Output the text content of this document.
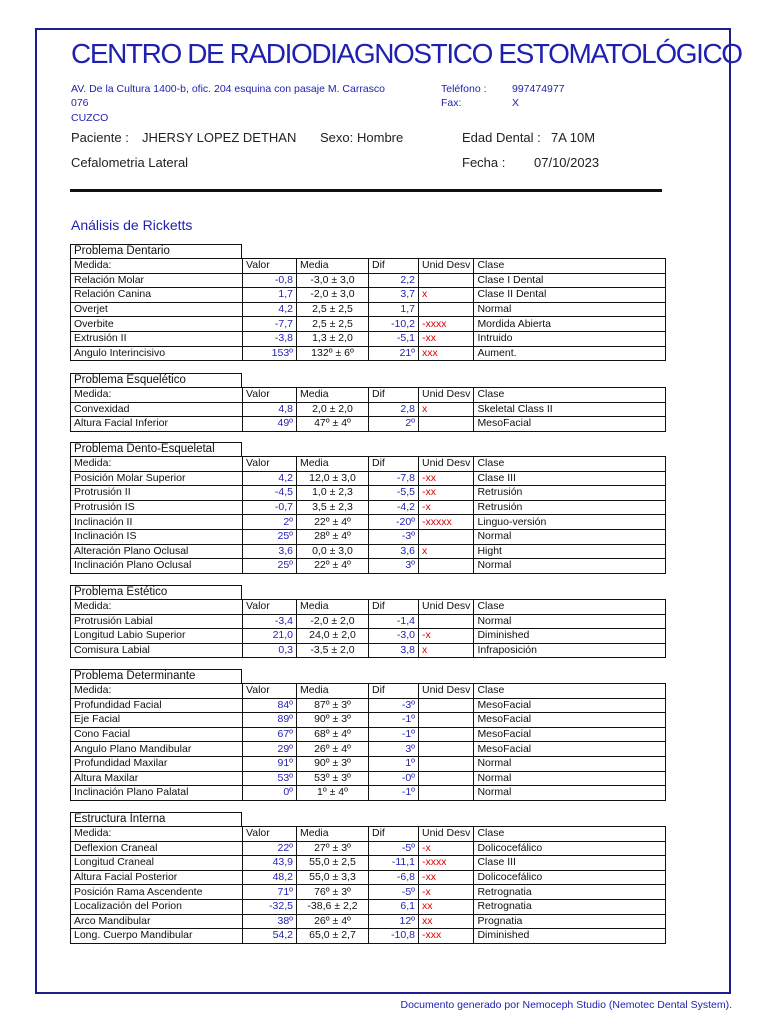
CENTRO DE RADIODIAGNOSTICO ESTOMATOLÓGICO
AV. De la Cultura 1400-b, ofic. 204 esquina con pasaje M. Carrasco
076
CUZCO
Teléfono : 997474977
Fax:	X
Paciente : JHERSY LOPEZ DETHAN Sexo: Hombre	Edad Dental : 7A 10M
Cefalometria Lateral	Fecha : 07/10/2023
Análisis de Ricketts
Problema Dentario
Medida:	Valor	Media	Dif	Unid Desv	Clase
Relación Molar	-0,8	-3,0 ± 3,0	2,2		Clase I Dental
Relación Canina	1,7	-2,0 ± 3,0	3,7	x	Clase II Dental
Overjet	4,2	2,5 ± 2,5	1,7		Normal
Overbite	-7,7	2,5 ± 2,5	-10,2	-xxxx	Mordida Abierta
Extrusión II	-3,8	1,3 ± 2,0	-5,1	-xx	Intruido
Angulo Interincisivo	153º	132º ± 6º	21º	xxx	Aument.
Problema Esquelético
Medida:	Valor	Media	Dif	Unid Desv	Clase
Convexidad	4,8	2,0 ± 2,0	2,8	x	Skeletal Class II
Altura Facial Inferior	49º	47º ± 4º	2º		MesoFacial
Problema Dento-Esqueletal
Medida:	Valor	Media	Dif	Unid Desv	Clase
Posición Molar Superior	4,2	12,0 ± 3,0	-7,8	-xx	Clase III
Protrusión II	-4,5	1,0 ± 2,3	-5,5	-xx	Retrusión
Protrusión IS	-0,7	3,5 ± 2,3	-4,2	-x	Retrusión
Inclinación II	2º	22º ± 4º	-20º	-xxxxx	Linguo-versión
Inclinación IS	25º	28º ± 4º	-3º		Normal
Alteración Plano Oclusal	3,6	0,0 ± 3,0	3,6	x	Hight
Inclinación Plano Oclusal	25º	22º ± 4º	3º		Normal
Problema Estético
Medida:	Valor	Media	Dif	Unid Desv	Clase
Protrusión Labial	-3,4	-2,0 ± 2,0	-1,4		Normal
Longitud Labio Superior	21,0	24,0 ± 2,0	-3,0	-x	Diminished
Comisura Labial	0,3	-3,5 ± 2,0	3,8	x	Infraposición
Problema Determinante
Medida:	Valor	Media	Dif	Unid Desv	Clase
Profundidad Facial	84º	87º ± 3º	-3º		MesoFacial
Eje Facial	89º	90º ± 3º	-1º		MesoFacial
Cono Facial	67º	68º ± 4º	-1º		MesoFacial
Angulo Plano Mandibular	29º	26º ± 4º	3º		MesoFacial
Profundidad Maxilar	91º	90º ± 3º	1º		Normal
Altura Maxilar	53º	53º ± 3º	-0º		Normal
Inclinación Plano Palatal	0º	1º ± 4º	-1º		Normal
Estructura Interna
Medida:	Valor	Media	Dif	Unid Desv	Clase
Deflexion Craneal	22º	27º ± 3º	-5º	-x	Dolicocefálico
Longitud Craneal	43,9	55,0 ± 2,5	-11,1	-xxxx	Clase III
Altura Facial Posterior	48,2	55,0 ± 3,3	-6,8	-xx	Dolicocefálico
Posición Rama Ascendente	71º	76º ± 3º	-5º	-x	Retrognatia
Localización del Porion	-32,5	-38,6 ± 2,2	6,1	xx	Retrognatia
Arco Mandibular	38º	26º ± 4º	12º	xx	Prognatia
Long. Cuerpo Mandibular	54,2	65,0 ± 2,7	-10,8	-xxx	Diminished
Documento generado por Nemoceph Studio (Nemotec Dental System).
